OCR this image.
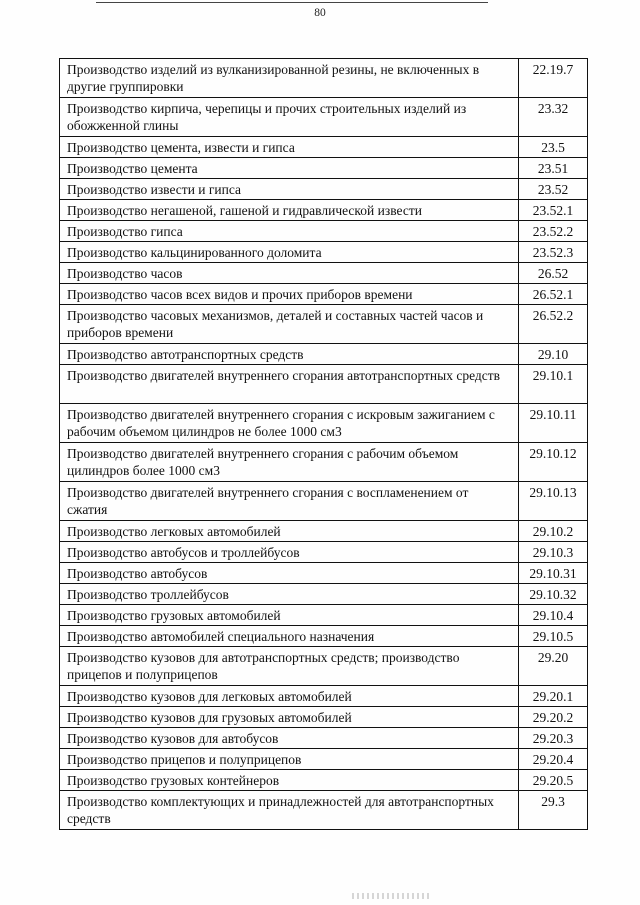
80
Производство изделий из вулканизированной резины, не включенных в другие группировки	22.19.7
Производство кирпича, черепицы и прочих строительных изделий из обожженной глины	23.32
Производство цемента, извести и гипса	23.5
Производство цемента	23.51
Производство извести и гипса	23.52
Производство негашеной, гашеной и гидравлической извести	23.52.1
Производство гипса	23.52.2
Производство кальцинированного доломита	23.52.3
Производство часов	26.52
Производство часов всех видов и прочих приборов времени	26.52.1
Производство часовых механизмов, деталей и составных частей часов и приборов времени	26.52.2
Производство автотранспортных средств	29.10
Производство двигателей внутреннего сгорания автотранспортных средств	29.10.1
Производство двигателей внутреннего сгорания с искровым зажиганием с рабочим объемом цилиндров не более 1000 см3	29.10.11
Производство двигателей внутреннего сгорания с рабочим объемом цилиндров более 1000 см3	29.10.12
Производство двигателей внутреннего сгорания с воспламенением от сжатия	29.10.13
Производство легковых автомобилей	29.10.2
Производство автобусов и троллейбусов	29.10.3
Производство автобусов	29.10.31
Производство троллейбусов	29.10.32
Производство грузовых автомобилей	29.10.4
Производство автомобилей специального назначения	29.10.5
Производство кузовов для автотранспортных средств; производство прицепов и полуприцепов	29.20
Производство кузовов для легковых автомобилей	29.20.1
Производство кузовов для грузовых автомобилей	29.20.2
Производство кузовов для автобусов	29.20.3
Производство прицепов и полуприцепов	29.20.4
Производство грузовых контейнеров	29.20.5
Производство комплектующих и принадлежностей для автотранспортных средств	29.3
